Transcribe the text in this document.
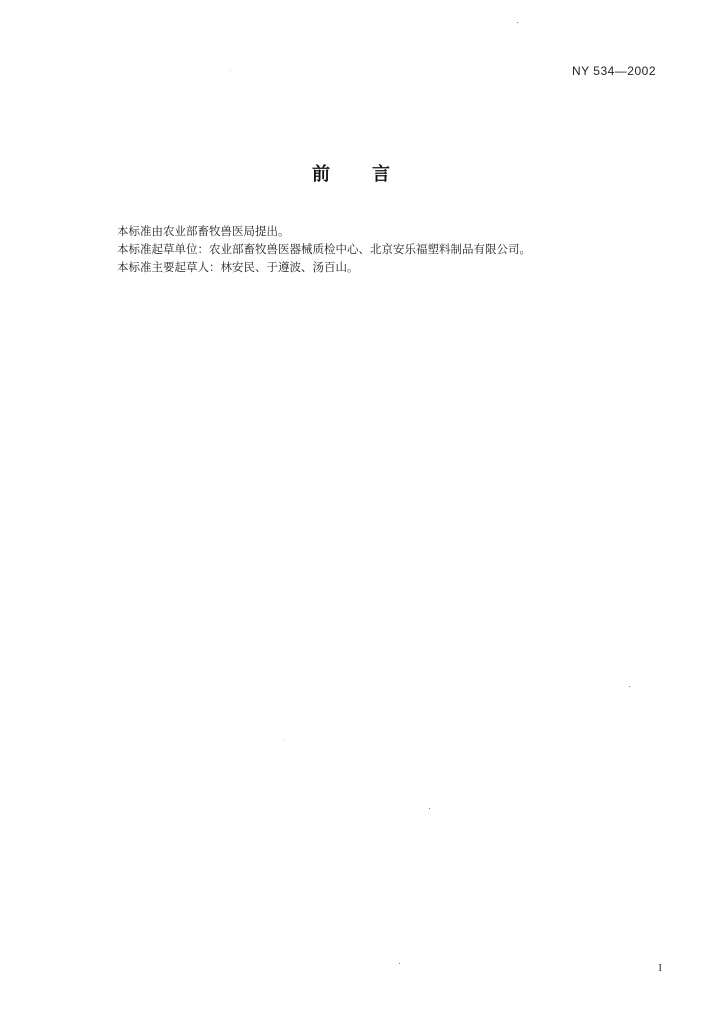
NY 534—2002
前 言

本标准由农业部畜牧兽医局提出。

本标准起草单位：农业部畜牧兽医器械质检中心、北京安乐福塑料制品有限公司。

本标准主要起草人：林安民、于遵波、汤百山。

I
